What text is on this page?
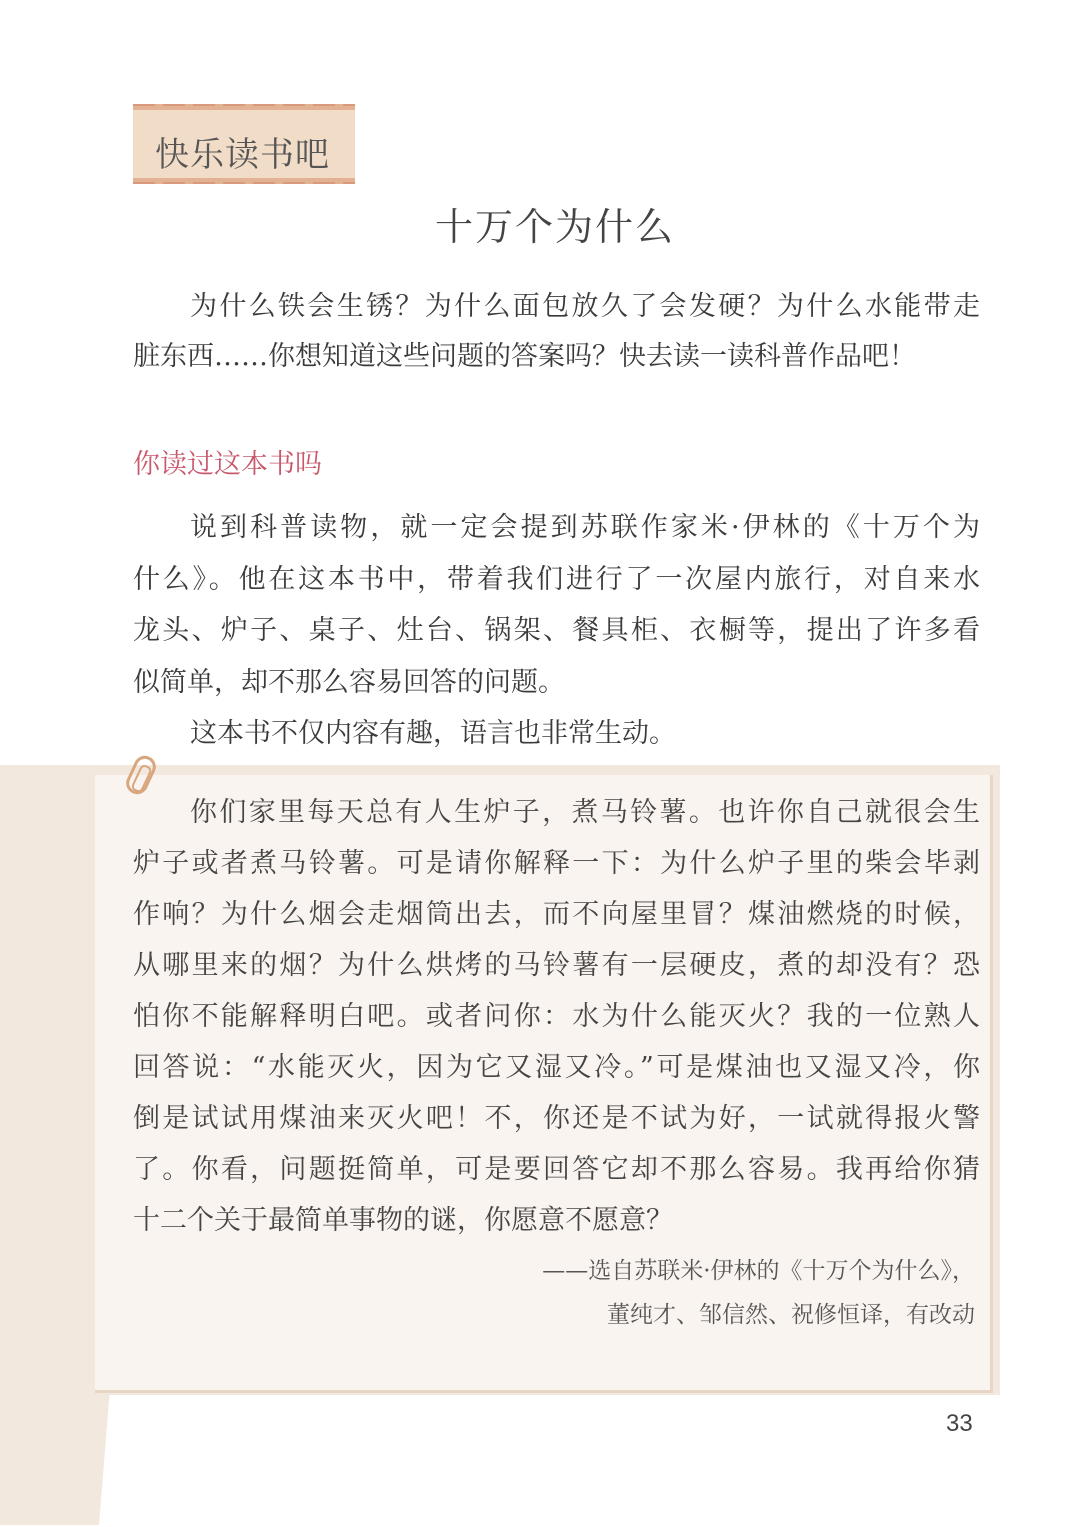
快乐读书吧
十万个为什么
为什么铁会生锈？为什么面包放久了会发硬？为什么水能带走
脏东西……你想知道这些问题的答案吗？快去读一读科普作品吧！
你读过这本书吗
说到科普读物，就一定会提到苏联作家米·伊林的《十万个为
什么》。他在这本书中，带着我们进行了一次屋内旅行，对自来水
龙头、炉子、桌子、灶台、锅架、餐具柜、衣橱等，提出了许多看
似简单，却不那么容易回答的问题。
这本书不仅内容有趣，语言也非常生动。
你们家里每天总有人生炉子，煮马铃薯。也许你自己就很会生
炉子或者煮马铃薯。可是请你解释一下：为什么炉子里的柴会毕剥
作响？为什么烟会走烟筒出去，而不向屋里冒？煤油燃烧的时候，
从哪里来的烟？为什么烘烤的马铃薯有一层硬皮，煮的却没有？恐
怕你不能解释明白吧。或者问你：水为什么能灭火？我的一位熟人
回答说：“水能灭火，因为它又湿又冷。”可是煤油也又湿又冷，你
倒是试试用煤油来灭火吧！不，你还是不试为好，一试就得报火警
了。你看，问题挺简单，可是要回答它却不那么容易。我再给你猜
十二个关于最简单事物的谜，你愿意不愿意？
——选自苏联米·伊林的《十万个为什么》，
董纯才、邹信然、祝修恒译，有改动
33
